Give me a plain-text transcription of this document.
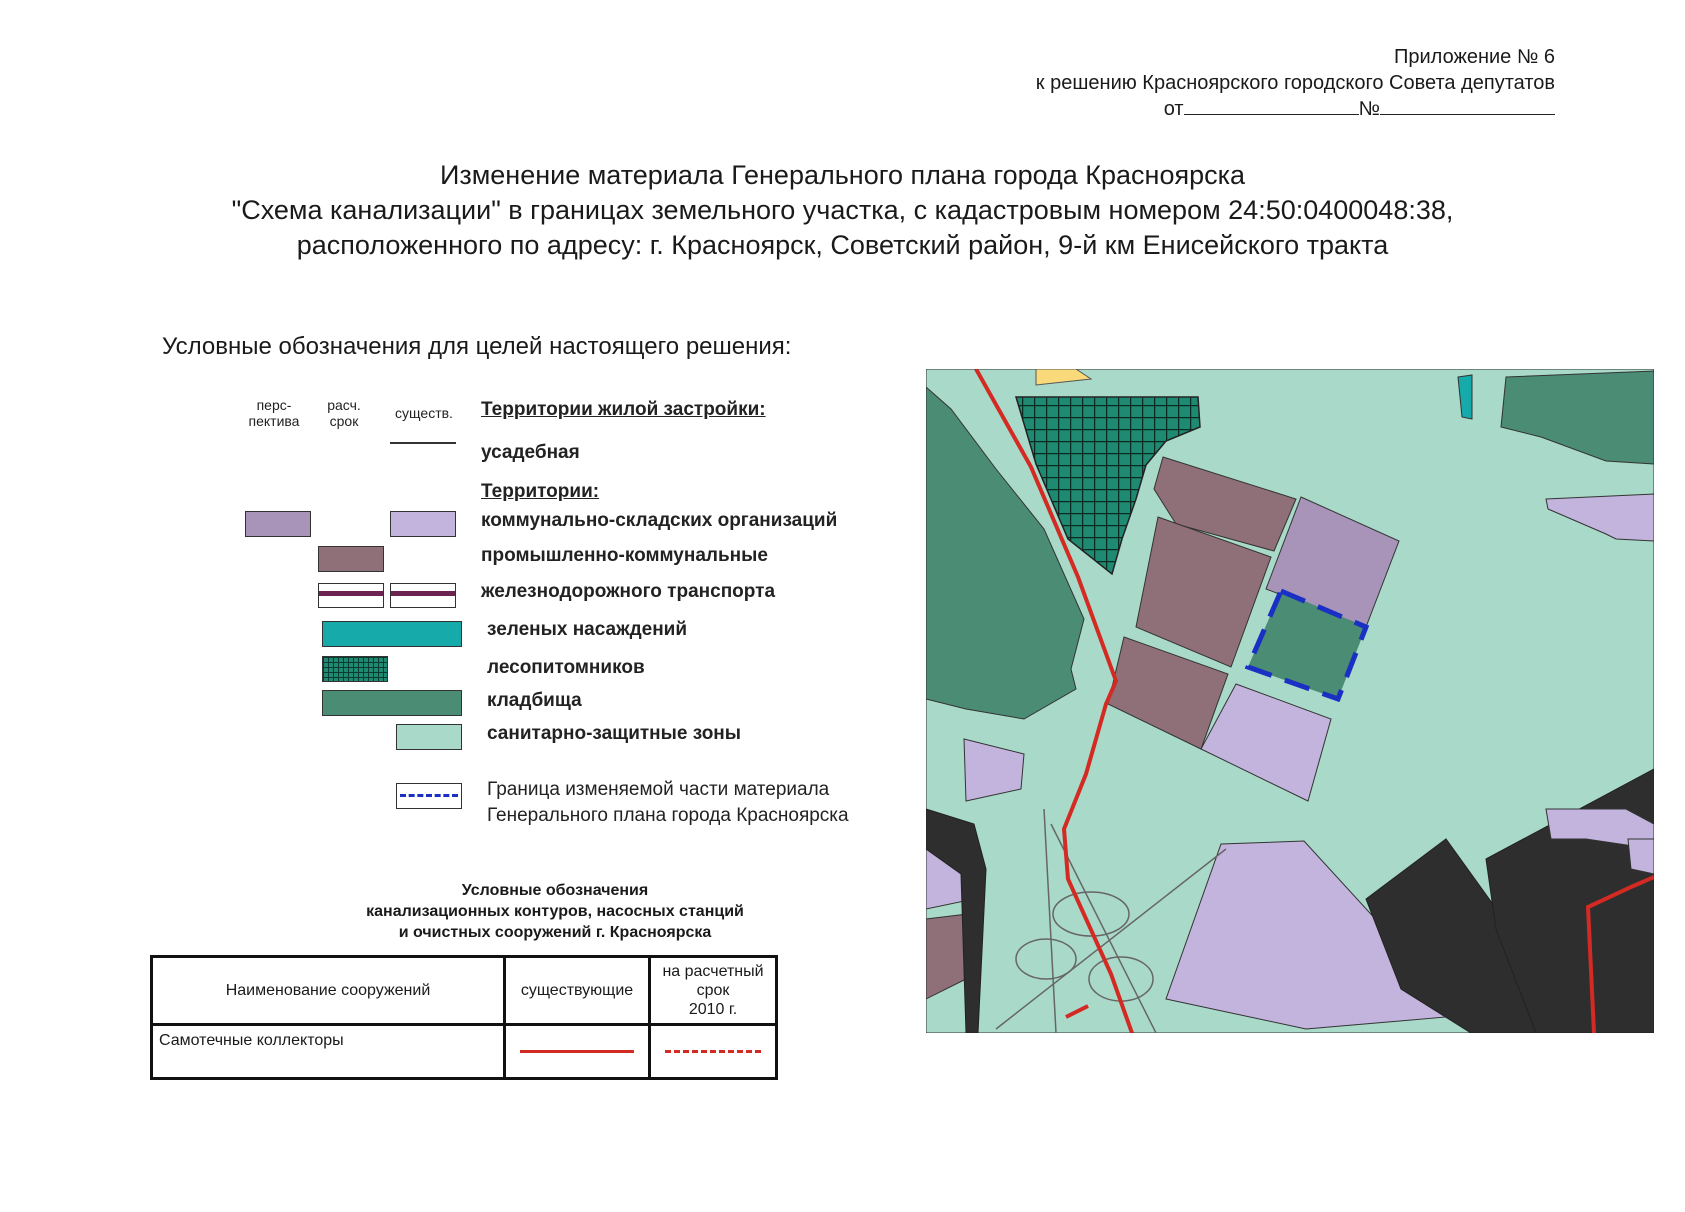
Приложение № 6
к решению Красноярского городского Совета депутатов
от	№
Изменение материала Генерального плана города Красноярска
"Схема канализации" в границах земельного участка, с кадастровым номером 24:50:0400048:38,
расположенного по адресу: г. Красноярск, Советский район, 9-й км Енисейского тракта
Условные обозначения для целей настоящего решения:
перс-пектива
расч. срок	существ.	Территории жилой застройки:
усадебная
Территории:
коммунально-складских организаций
промышленно-коммунальные
железнодорожного транспорта
зеленых насаждений
лесопитомников
кладбища
санитарно-защитные зоны
Граница изменяемой части материала
Генерального плана города Красноярска
Условные обозначения
канализационных контуров, насосных станций
и очистных сооружений г. Красноярска
Наименование сооружений	существующие	на расчетный
срок
2010 г.

Самотечные коллекторы	
